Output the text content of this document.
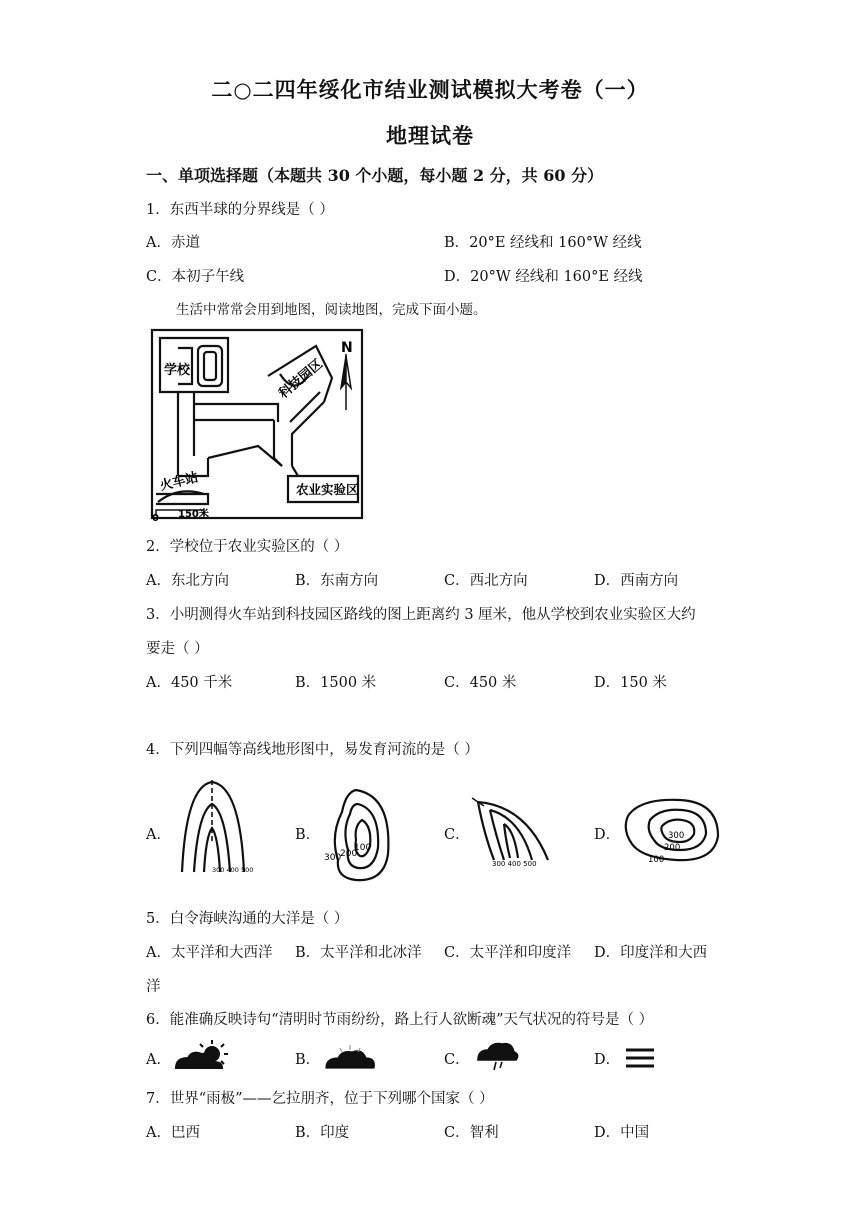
二○二四年绥化市结业测试模拟大考卷（一）
地理试卷
一、单项选择题（本题共 30 个小题，每小题 2 分，共 60 分）
1．东西半球的分界线是（ ）
A．赤道	B．20°E 经线和 160°W 经线
C．本初子午线	D．20°W 经线和 160°E 经线
生活中常常会用到地图，阅读地图，完成下面小题。
N
学校	科技园区
火车站	农业实验区
0 150米
2．学校位于农业实验区的（ ）
A．东北方向	B．东南方向	C．西北方向	D．西南方向
3．小明测得火车站到科技园区路线的图上距离约 3 厘米，他从学校到农业实验区大约
要走（ ）
A．450 千米	B．1500 米	C．450 米	D．150 米
4．下列四幅等高线地形图中，易发育河流的是（ ）
A．
300 400 500
B．
300
200
100
C．
300 400 500
D．	300
200
100
5．白令海峡沟通的大洋是（ ）
A．太平洋和大西洋 B．太平洋和北冰洋 C．太平洋和印度洋 D．印度洋和大西
洋
6．能准确反映诗句“清明时节雨纷纷，路上行人欲断魂”天气状况的符号是（ ）
A．	B．	C．	D．
7．世界“雨极”——乞拉朋齐，位于下列哪个国家（ ）
A．巴西	B．印度	C．智利	D．中国
